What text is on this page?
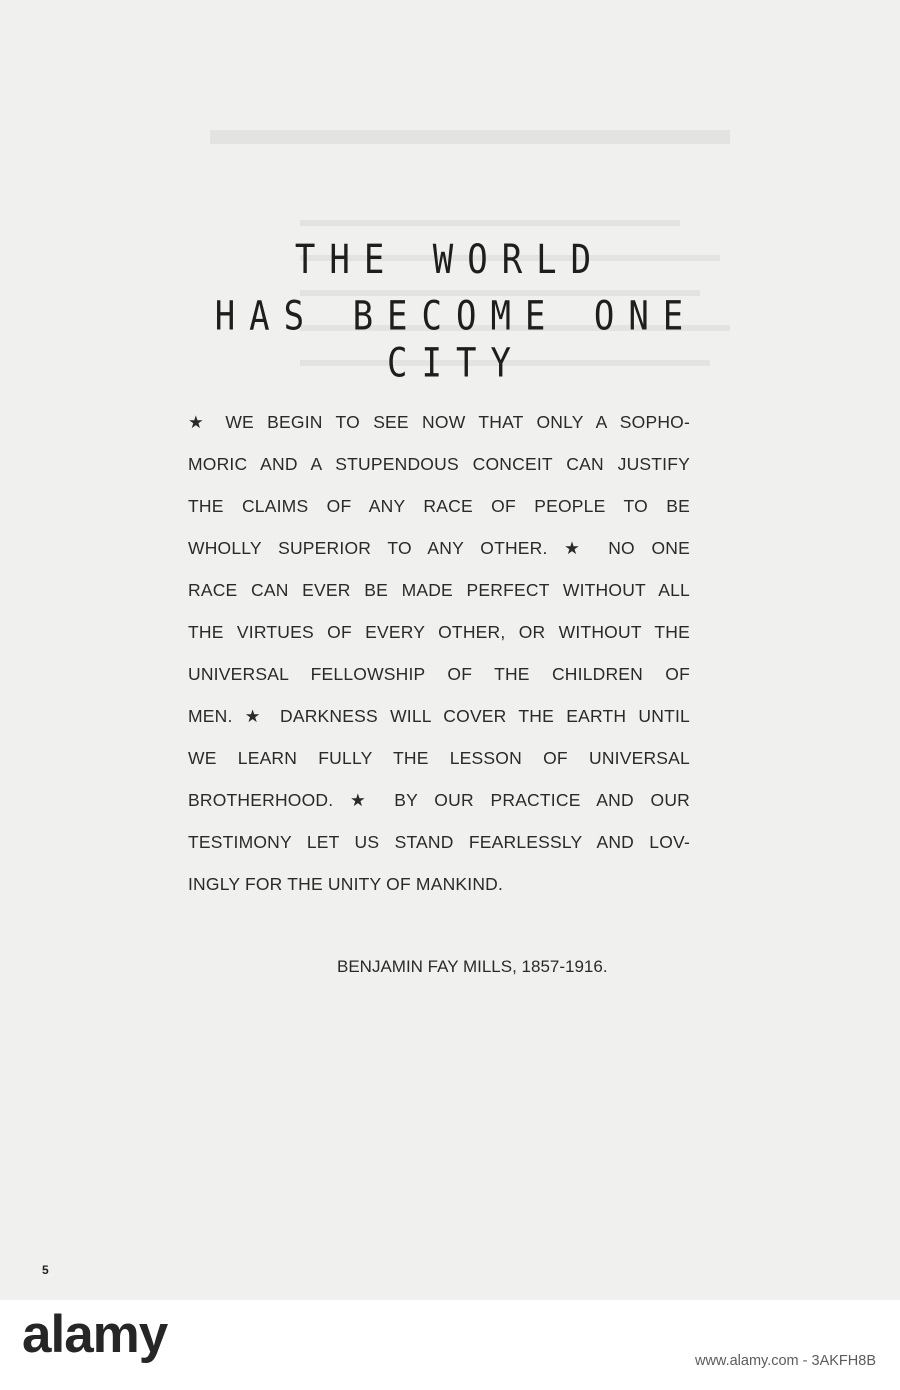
THE WORLD
HAS BECOME ONE CITY
★ WE BEGIN TO SEE NOW THAT ONLY A SOPHO-
MORIC AND A STUPENDOUS CONCEIT CAN JUSTIFY
THE CLAIMS OF ANY RACE OF PEOPLE TO BE
WHOLLY SUPERIOR TO ANY OTHER. ★ NO ONE
RACE CAN EVER BE MADE PERFECT WITHOUT ALL
THE VIRTUES OF EVERY OTHER, OR WITHOUT THE
UNIVERSAL FELLOWSHIP OF THE CHILDREN OF
MEN. ★ DARKNESS WILL COVER THE EARTH UNTIL
WE LEARN FULLY THE LESSON OF UNIVERSAL
BROTHERHOOD. ★ BY OUR PRACTICE AND OUR
TESTIMONY LET US STAND FEARLESSLY AND LOV-
INGLY FOR THE UNITY OF MANKIND.
BENJAMIN FAY MILLS, 1857-1916.
5
alamy	www.alamy.com - 3AKFH8B
